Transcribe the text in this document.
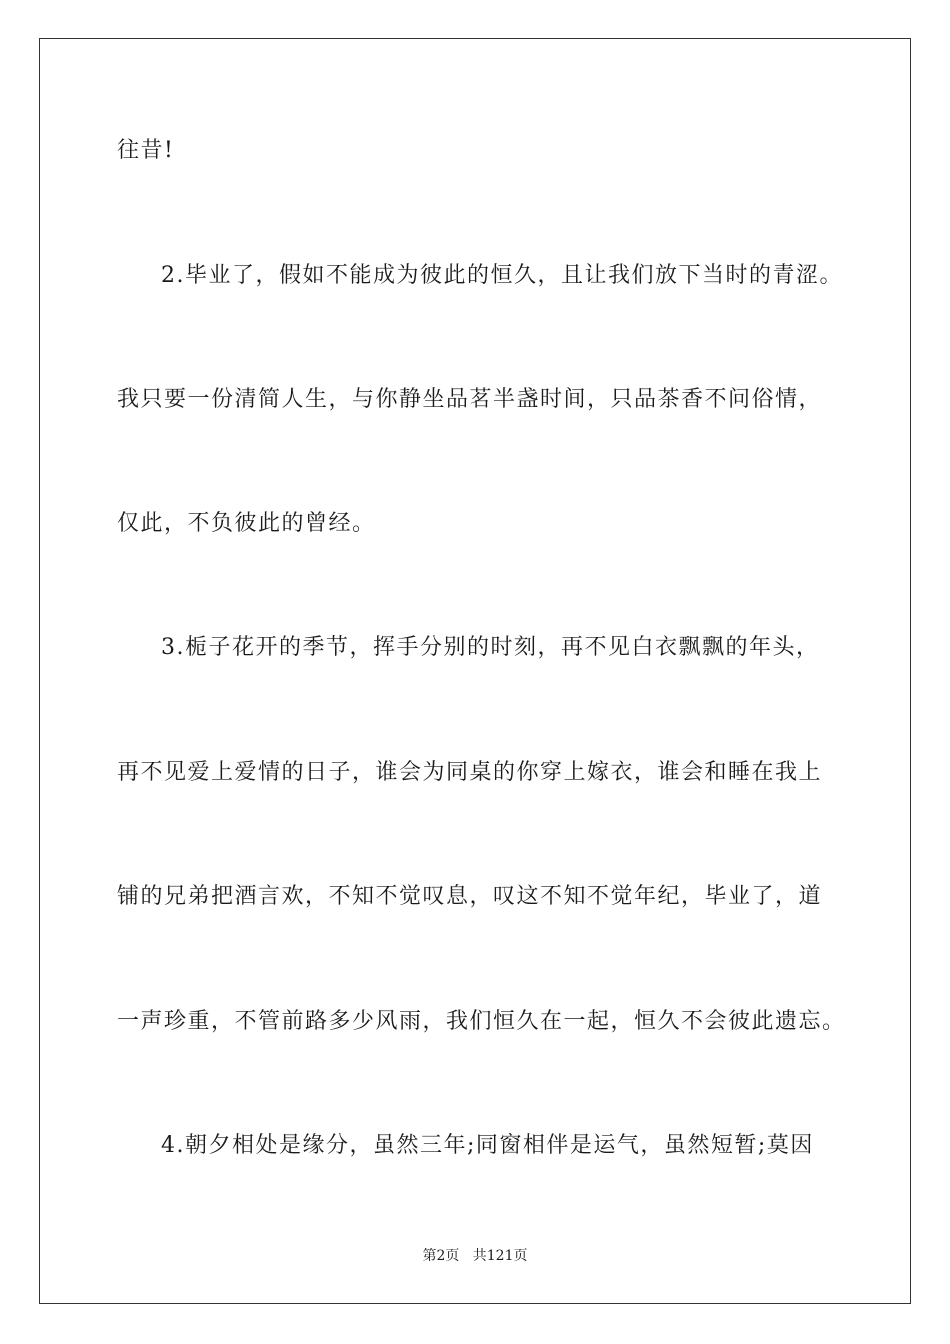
往昔!
2.毕业了，假如不能成为彼此的恒久，且让我们放下当时的青涩。
我只要一份清简人生，与你静坐品茗半盏时间，只品茶香不问俗情，
仅此，不负彼此的曾经。
3.栀子花开的季节，挥手分别的时刻，再不见白衣飘飘的年头，
再不见爱上爱情的日子，谁会为同桌的你穿上嫁衣，谁会和睡在我上
铺的兄弟把酒言欢，不知不觉叹息，叹这不知不觉年纪，毕业了，道
一声珍重，不管前路多少风雨，我们恒久在一起，恒久不会彼此遗忘。
4.朝夕相处是缘分，虽然三年;同窗相伴是运气，虽然短暂;莫因
第2页   共121页
